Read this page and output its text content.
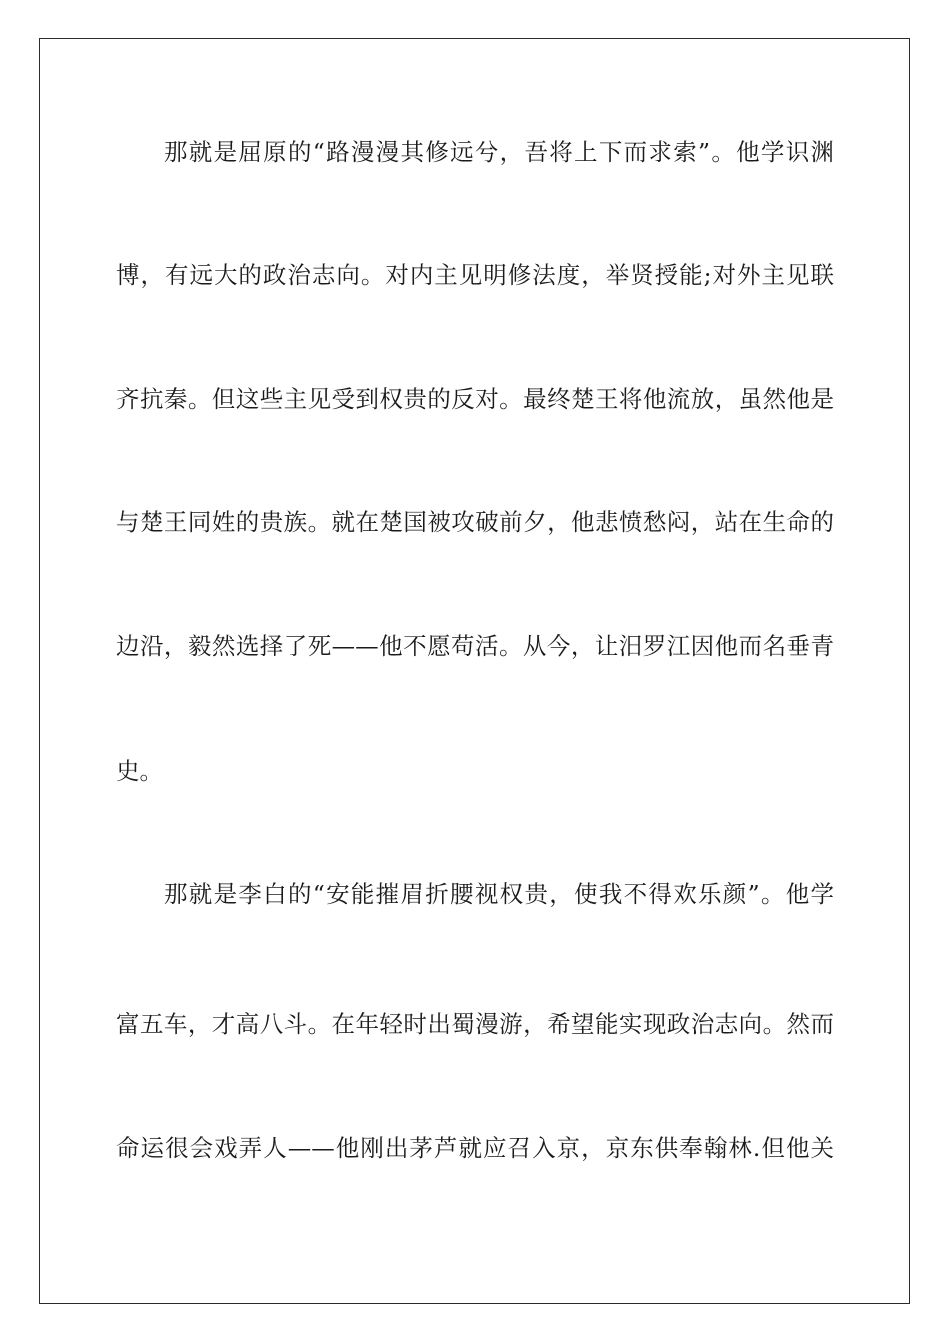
那就是屈原的“路漫漫其修远兮，吾将上下而求索”。他学识渊
博，有远大的政治志向。对内主见明修法度，举贤授能;对外主见联
齐抗秦。但这些主见受到权贵的反对。最终楚王将他流放，虽然他是
与楚王同姓的贵族。就在楚国被攻破前夕，他悲愤愁闷，站在生命的
边沿，毅然选择了死——他不愿苟活。从今，让汨罗江因他而名垂青
史。
那就是李白的“安能摧眉折腰视权贵，使我不得欢乐颜”。他学
富五车，才高八斗。在年轻时出蜀漫游，希望能实现政治志向。然而
命运很会戏弄人——他刚出茅芦就应召入京，京东供奉翰林.但他关
